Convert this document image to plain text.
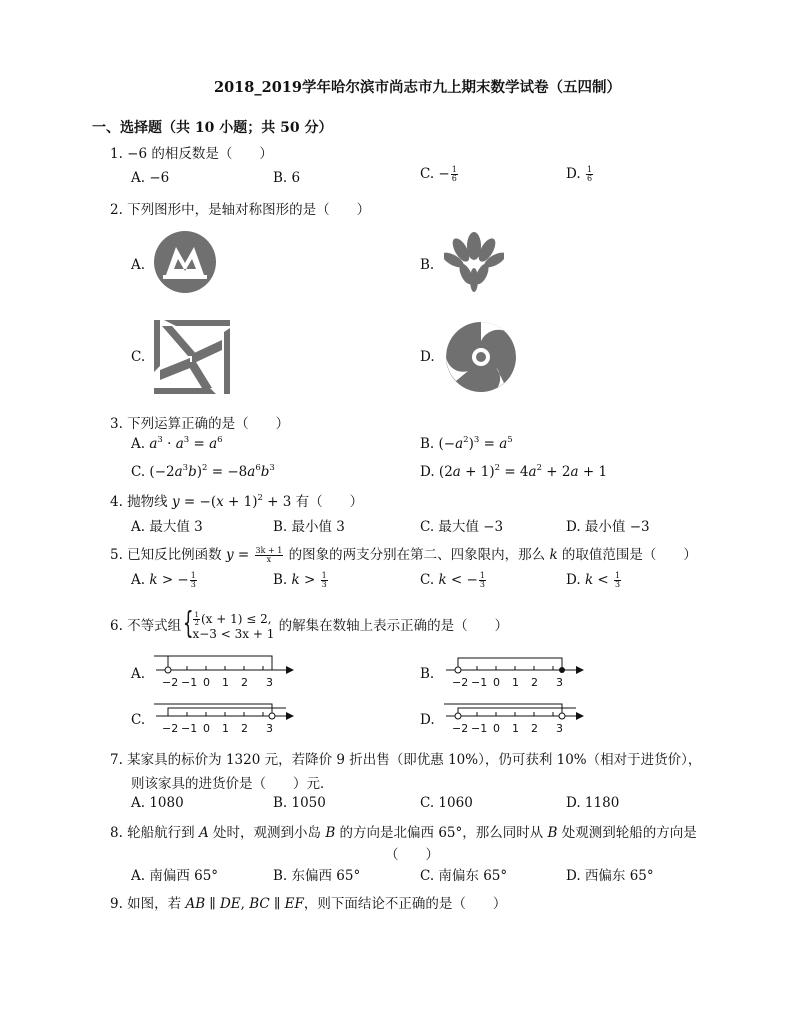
2018_2019学年哈尔滨市尚志市九上期末数学试卷（五四制）
一、选择题（共 10 小题；共 50 分）
1. −6 的相反数是（　　）
A. −6	B. 6	C. − $\frac{1}{6}$	D. $\frac{1}{6}$
2. 下列图形中，是轴对称图形的是（　　）
A.	B.
C.	D.
3. 下列运算正确的是（　　）
A. $a^3 \cdot a^3 = a^6$	B. $(-a^2)^3 = a^5$
C. $(-2a^3b)^2 = -8a^6b^3$	D. $(2a + 1)^2 = 4a^2 + 2a + 1$
4. 抛物线 $y = -(x + 1)^2 + 3$ 有（　　）
A. 最大值 3	B. 最小值 3	C. 最大值 −3	D. 最小值 −3
5. 已知反比例函数 $y = \frac{3k + 1}{x}$ 的图象的两支分别在第二、四象限内，那么 k 的取值范围是（　　）
A. k > − $\frac{1}{3}$	B. $k > \frac{1}{3}$	C. k < − $\frac{1}{3}$	D. $k < \frac{1}{3}$
6. 不等式组
{ $\frac{1}{2} (x + 1) \le 2$,
x−3 < 3x + 1 的解集在数轴上表示正确的是（　　）
A.
−2 −1 0 1 2 3
B.
−2 −1 0 1 2 3
C.
−2 −1 0 1 2 3
D.
−2 −1 0 1 2 3
7. 某家具的标价为 1320 元，若降价 9 折出售（即优惠 10%），仍可获利 10%（相对于进货价），
则该家具的进货价是（　　）元．
A. 1080	B. 1050	C. 1060	D. 1180
8. 轮船航行到 A 处时，观测到小岛 B 的方向是北偏西 65°，那么同时从 B 处观测到轮船的方向是
（　　）
A. 南偏西 65°	B. 东偏西 65°	C. 南偏东 65°	D. 西偏东 65°
9. 如图，若 AB ∥ DE, BC ∥ EF，则下面结论不正确的是（　　）
